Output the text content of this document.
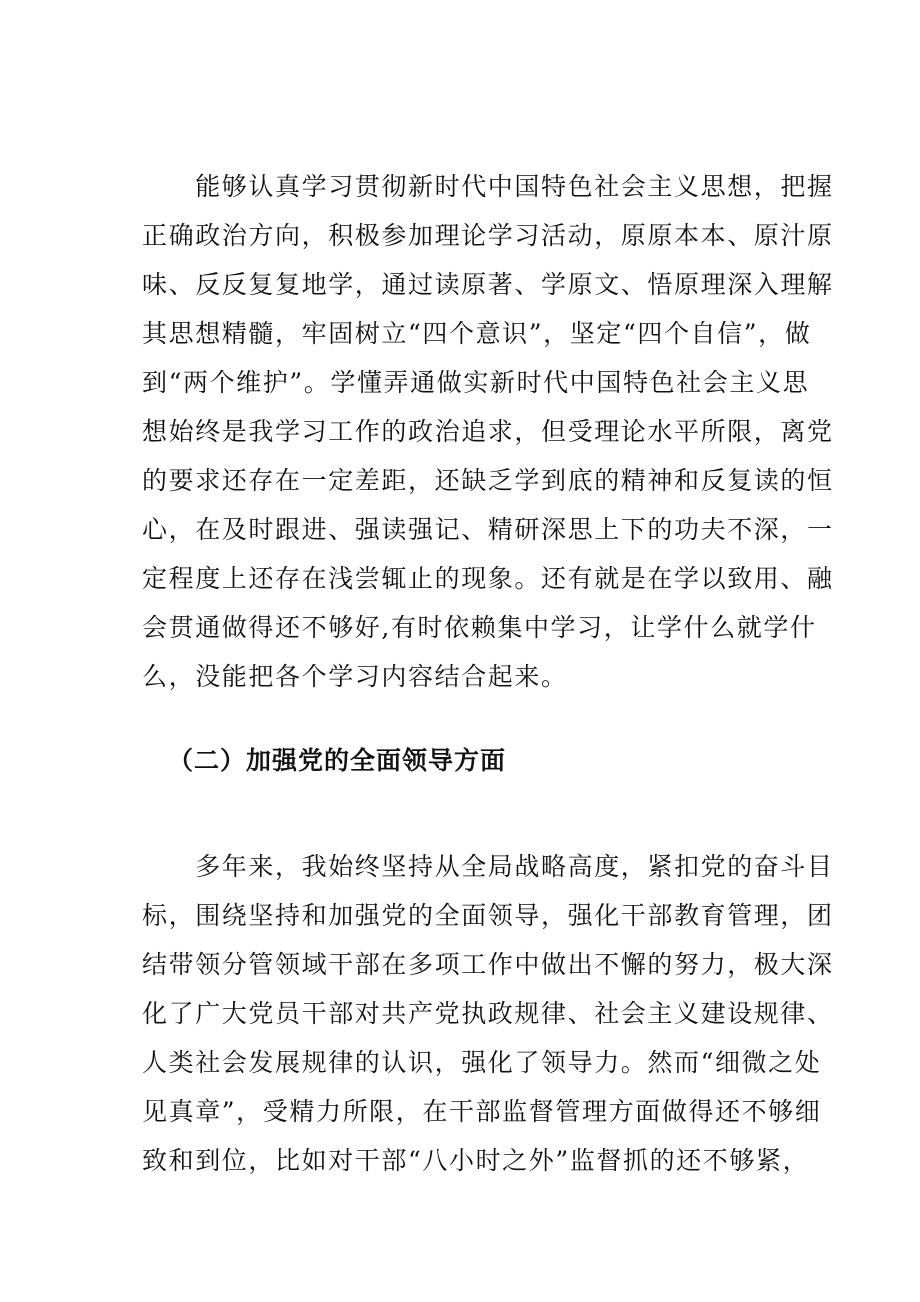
　　能够认真学习贯彻新时代中国特色社会主义思想，把握
正确政治方向，积极参加理论学习活动，原原本本、原汁原
味、反反复复地学，通过读原著、学原文、悟原理深入理解
其思想精髓，牢固树立“四个意识”，坚定“四个自信”，做
到“两个维护”。学懂弄通做实新时代中国特色社会主义思
想始终是我学习工作的政治追求，但受理论水平所限，离党
的要求还存在一定差距，还缺乏学到底的精神和反复读的恒
心，在及时跟进、强读强记、精研深思上下的功夫不深，一
定程度上还存在浅尝辄止的现象。还有就是在学以致用、融
会贯通做得还不够好,有时依赖集中学习，让学什么就学什
么，没能把各个学习内容结合起来。
（二）加强党的全面领导方面
　　多年来，我始终坚持从全局战略高度，紧扣党的奋斗目
标，围绕坚持和加强党的全面领导，强化干部教育管理，团
结带领分管领域干部在多项工作中做出不懈的努力，极大深
化了广大党员干部对共产党执政规律、社会主义建设规律、
人类社会发展规律的认识，强化了领导力。然而“细微之处
见真章”，受精力所限，在干部监督管理方面做得还不够细
致和到位，比如对干部“八小时之外”监督抓的还不够紧，
